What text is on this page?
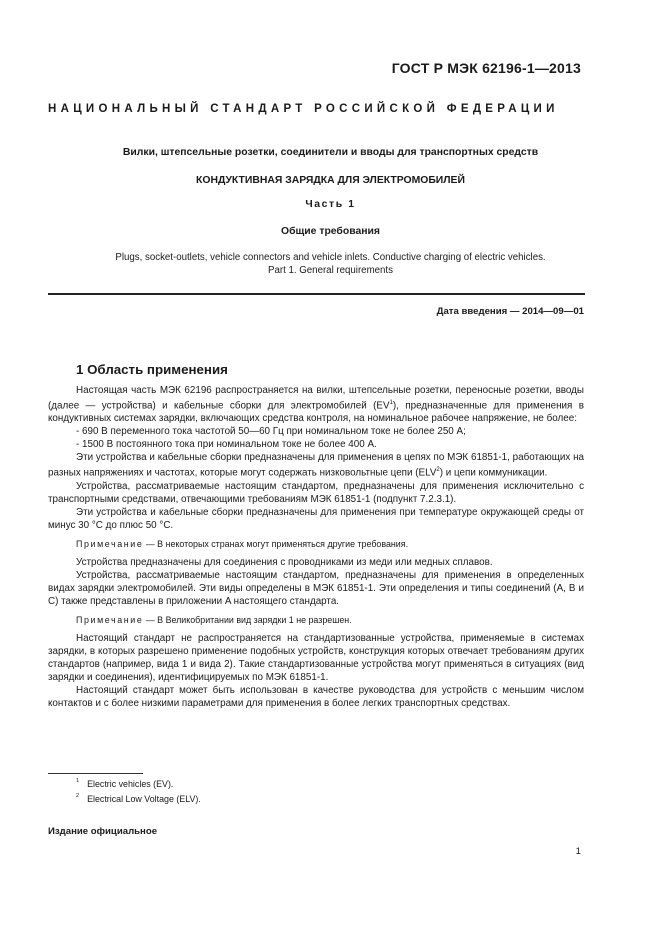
ГОСТ Р МЭК 62196-1—2013
НАЦИОНАЛЬНЫЙ СТАНДАРТ РОССИЙСКОЙ ФЕДЕРАЦИИ
Вилки, штепсельные розетки, соединители и вводы для транспортных средств
КОНДУКТИВНАЯ ЗАРЯДКА ДЛЯ ЭЛЕКТРОМОБИЛЕЙ
Часть 1
Общие требования
Plugs, socket-outlets, vehicle connectors and vehicle inlets. Conductive charging of electric vehicles.
Part 1. General requirements
Дата введения — 2014—09—01
1 Область применения

Настоящая часть МЭК 62196 распространяется на вилки, штепсельные розетки, переносные розетки, вводы (далее — устройства) и кабельные сборки для электромобилей $(EV^1)$, предназначенные для применения в кондуктивных системах зарядки, включающих средства контроля, на номинальное рабочее напряжение, не более:

- 690 В переменного тока частотой 50—60 Гц при номинальном токе не более 250 А;

- 1500 В постоянного тока при номинальном токе не более 400 А.

Эти устройства и кабельные сборки предназначены для применения в цепях по МЭК 61851-1, работающих на разных напряжениях и частотах, которые могут содержать низковольтные цепи (ELV$^2$) и цепи коммуникации.

Устройства, рассматриваемые настоящим стандартом, предназначены для применения исключительно с транспортными средствами, отвечающими требованиям МЭК 61851-1 (подпункт 7.2.3.1).

Эти устройства и кабельные сборки предназначены для применения при температуре окружающей среды от минус 30 °C до плюс 50 °C.

Примечание — В некоторых странах могут применяться другие требования.

Устройства предназначены для соединения с проводниками из меди или медных сплавов.

Устройства, рассматриваемые настоящим стандартом, предназначены для применения в определенных видах зарядки электромобилей. Эти виды определены в МЭК 61851-1. Эти определения и типы соединений (A, B и C) также представлены в приложении A настоящего стандарта.

Примечание — В Великобритании вид зарядки 1 не разрешен.

Настоящий стандарт не распространяется на стандартизованные устройства, применяемые в системах зарядки, в которых разрешено применение подобных устройств, конструкция которых отвечает требованиям других стандартов (например, вида 1 и вида 2). Такие стандартизованные устройства могут применяться в ситуациях (вид зарядки и соединения), идентифицируемых по МЭК 61851-1.

Настоящий стандарт может быть использован в качестве руководства для устройств с меньшим числом контактов и с более низкими параметрами для применения в более легких транспортных средствах.

$^1$ Electric vehicles (EV).
$^2$ Electrical Low Voltage (ELV).
Издание официальное
1
